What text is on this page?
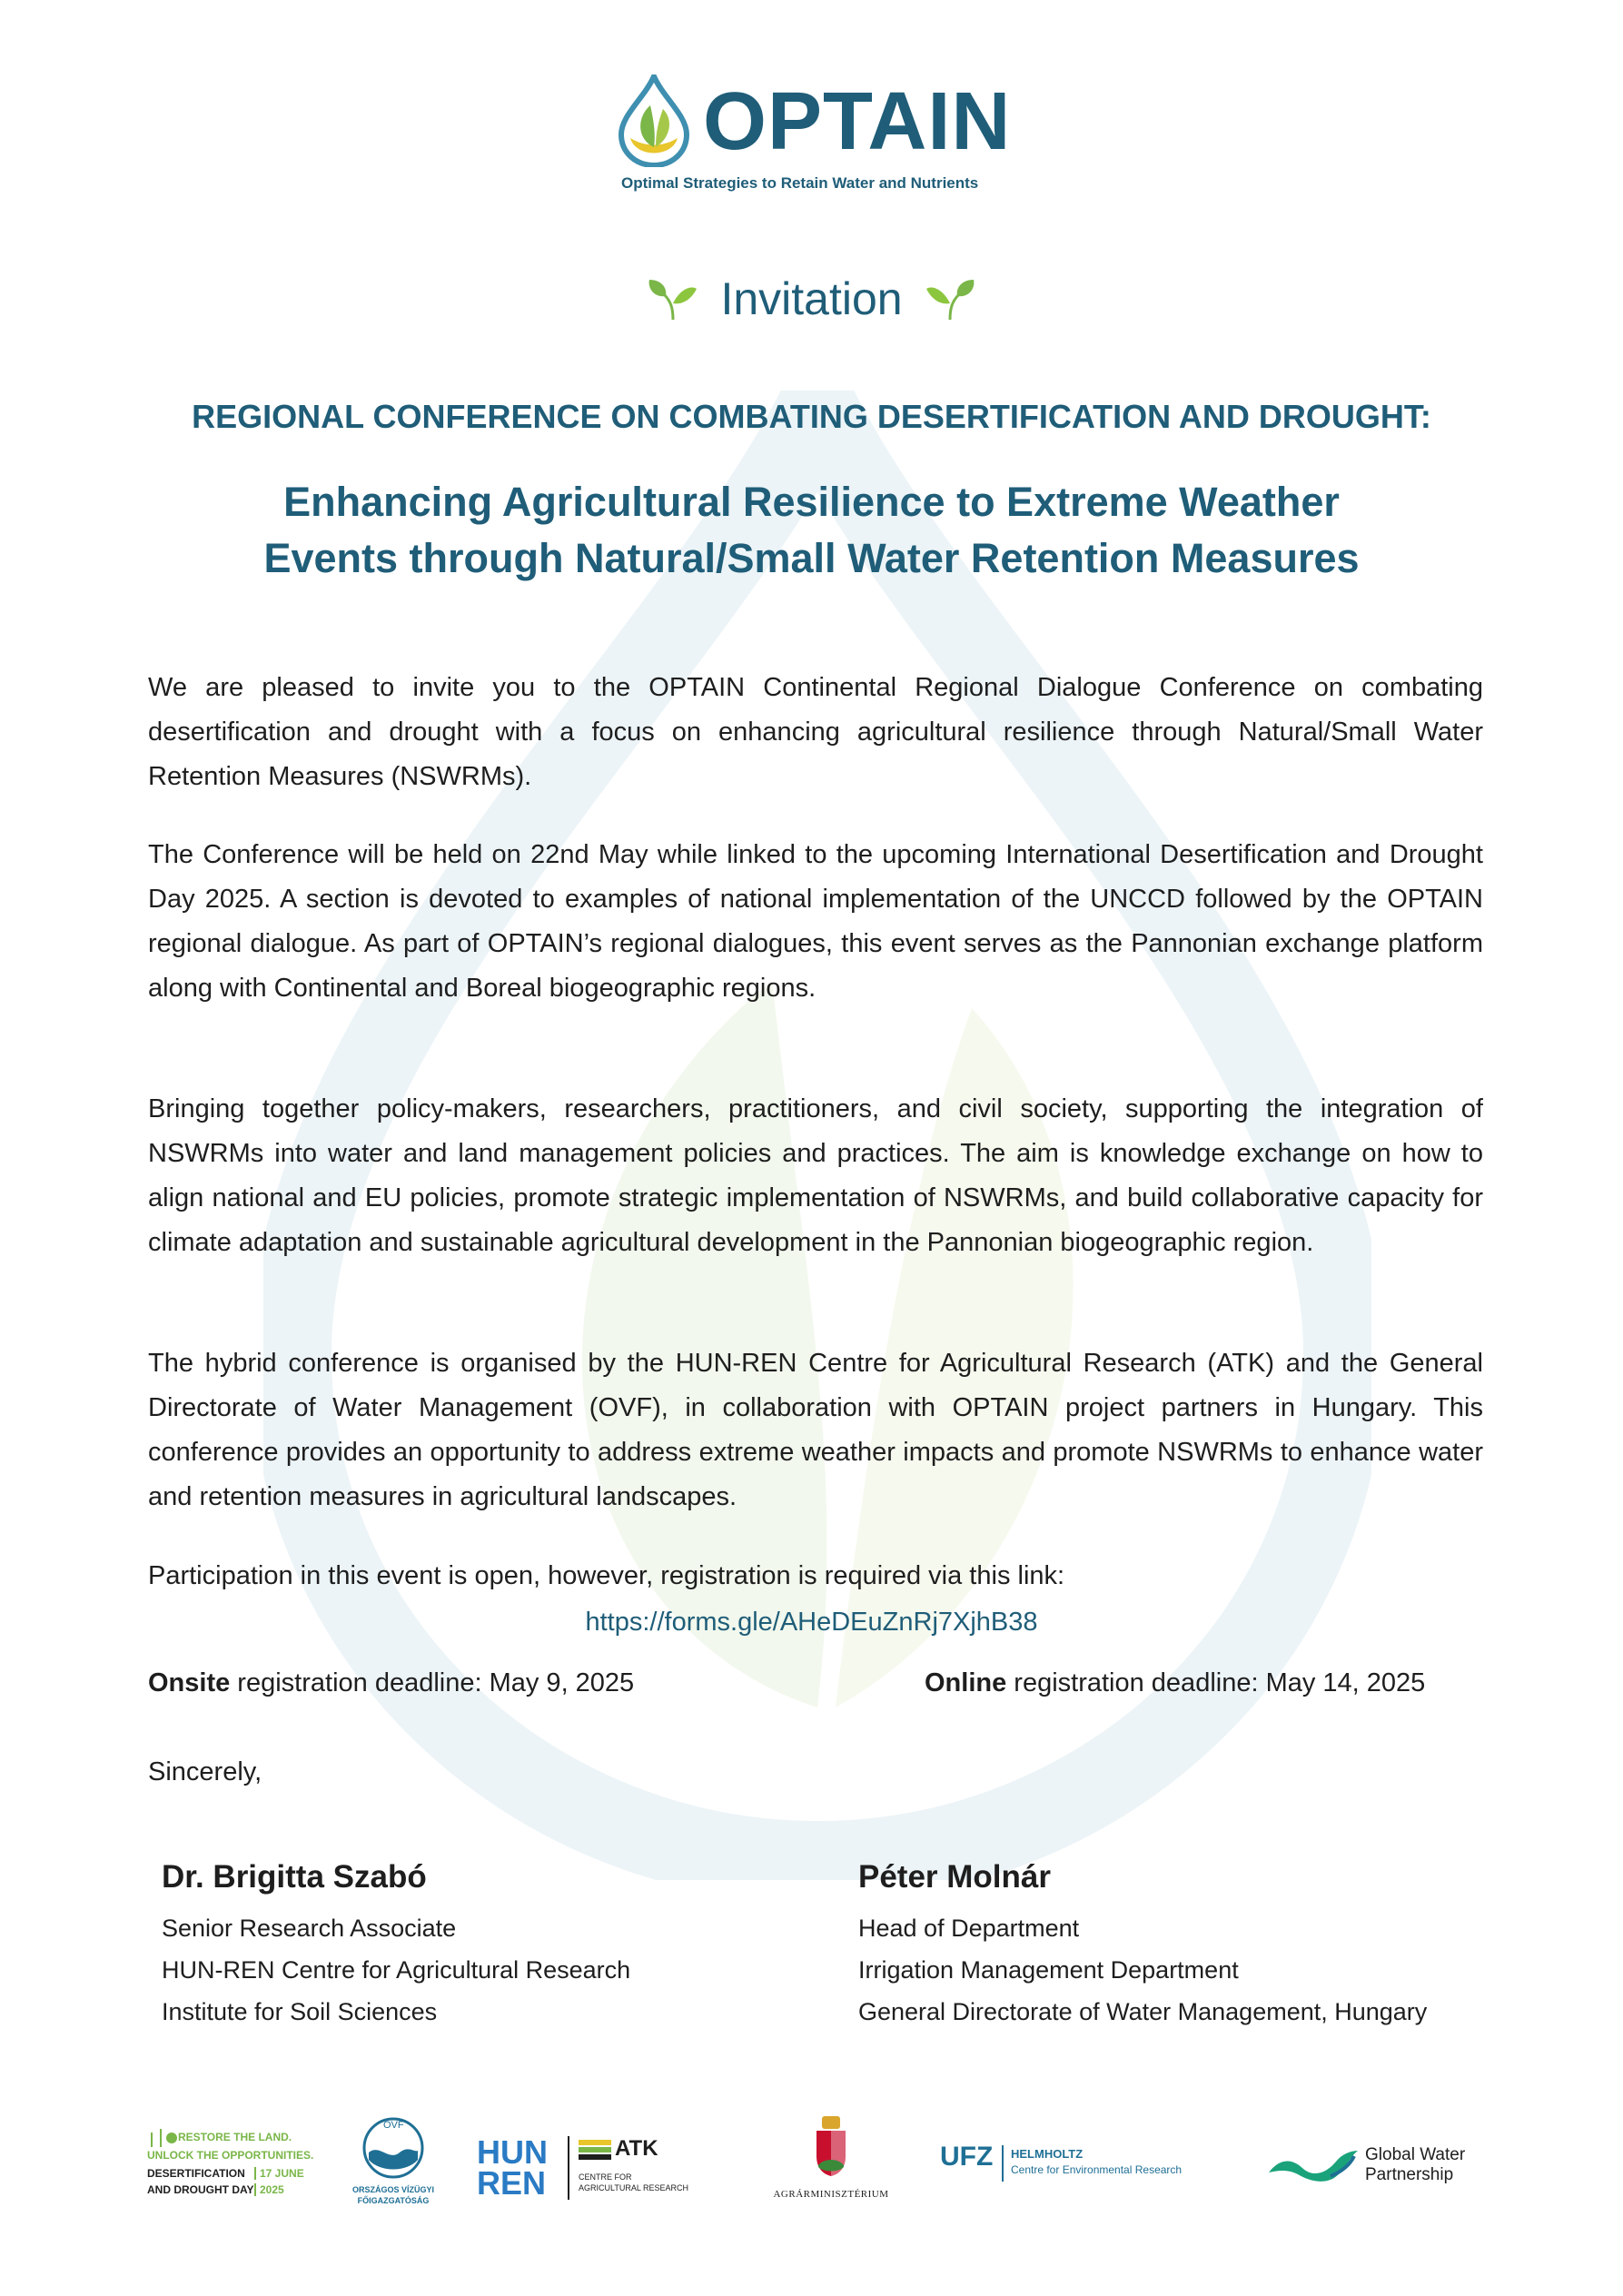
OPTAIN
Optimal Strategies to Retain Water and Nutrients
Invitation
REGIONAL CONFERENCE ON COMBATING DESERTIFICATION AND DROUGHT:
Enhancing Agricultural Resilience to Extreme Weather
Events through Natural/Small Water Retention Measures
We are pleased to invite you to the OPTAIN Continental Regional Dialogue Conference on combating desertification and drought with a focus on enhancing agricultural resilience through Natural/Small Water Retention Measures (NSWRMs).
The Conference will be held on 22nd May while linked to the upcoming International Desertification and Drought Day 2025. A section is devoted to examples of national implementation of the UNCCD followed by the OPTAIN regional dialogue. As part of OPTAIN’s regional dialogues, this event serves as the Pannonian exchange platform along with Continental and Boreal biogeographic regions.
Bringing together policy-makers, researchers, practitioners, and civil society, supporting the integration of NSWRMs into water and land management policies and practices. The aim is knowledge exchange on how to align national and EU policies, promote strategic implementation of NSWRMs, and build collaborative capacity for climate adaptation and sustainable agricultural development in the Pannonian biogeographic region.
The hybrid conference is organised by the HUN-REN Centre for Agricultural Research (ATK) and the General Directorate of Water Management (OVF), in collaboration with OPTAIN project partners in Hungary. This conference provides an opportunity to address extreme weather impacts and promote NSWRMs to enhance water and retention measures in agricultural landscapes.
Participation in this event is open, however, registration is required via this link:
https://forms.gle/AHeDEuZnRj7XjhB38
Onsite registration deadline: May 9, 2025	Online registration deadline: May 14, 2025
Sincerely,
Dr. Brigitta Szabó
Senior Research Associate
HUN-REN Centre for Agricultural Research
Institute for Soil Sciences
Péter Molnár
Head of Department
Irrigation Management Department
General Directorate of Water Management, Hungary
RESTORE THE LAND.
UNLOCK THE OPPORTUNITIES.
DESERTIFICATION
AND DROUGHT DAY
17 JUNE
2025
OVF
ORSZÁGOS VÍZÜGYI
FŐIGAZGATÓSÁG
HUN
REN
ATK
CENTRE FOR
AGRICULTURAL RESEARCH
AGRÁRMINISZTÉRIUM
UFZ HELMHOLTZ
Centre for Environmental Research
Global Water
Partnership
